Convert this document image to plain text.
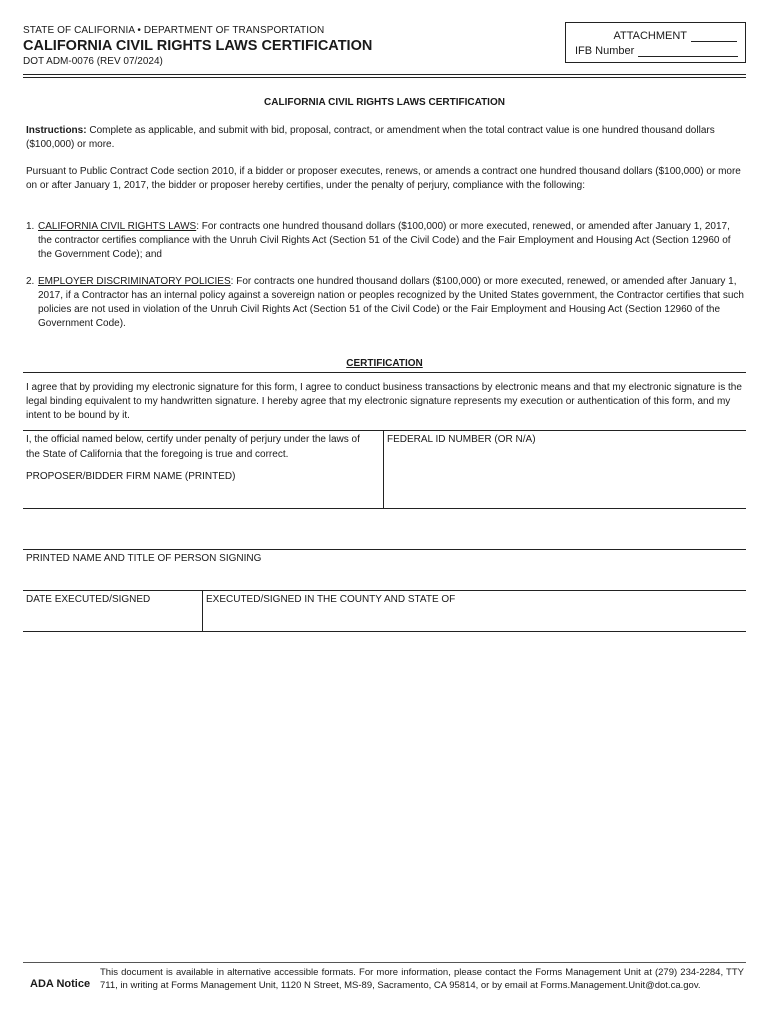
STATE OF CALIFORNIA • DEPARTMENT OF TRANSPORTATION
CALIFORNIA CIVIL RIGHTS LAWS CERTIFICATION
DOT ADM-0076 (REV 07/2024)
ATTACHMENT
IFB Number
CALIFORNIA CIVIL RIGHTS LAWS CERTIFICATION
Instructions: Complete as applicable, and submit with bid, proposal, contract, or amendment when the total contract value is one hundred thousand dollars ($100,000) or more.
Pursuant to Public Contract Code section 2010, if a bidder or proposer executes, renews, or amends a contract one hundred thousand dollars ($100,000) or more on or after January 1, 2017, the bidder or proposer hereby certifies, under the penalty of perjury, compliance with the following:
1. CALIFORNIA CIVIL RIGHTS LAWS: For contracts one hundred thousand dollars ($100,000) or more executed, renewed, or amended after January 1, 2017, the contractor certifies compliance with the Unruh Civil Rights Act (Section 51 of the Civil Code) and the Fair Employment and Housing Act (Section 12960 of the Government Code); and
2. EMPLOYER DISCRIMINATORY POLICIES: For contracts one hundred thousand dollars ($100,000) or more executed, renewed, or amended after January 1, 2017, if a Contractor has an internal policy against a sovereign nation or peoples recognized by the United States government, the Contractor certifies that such policies are not used in violation of the Unruh Civil Rights Act (Section 51 of the Civil Code) or the Fair Employment and Housing Act (Section 12960 of the Government Code).
CERTIFICATION
I agree that by providing my electronic signature for this form, I agree to conduct business transactions by electronic means and that my electronic signature is the legal binding equivalent to my handwritten signature. I hereby agree that my electronic signature represents my execution or authentication of this form, and my intent to be bound by it.
I, the official named below, certify under penalty of perjury under the laws of the State of California that the foregoing is true and correct.
FEDERAL ID NUMBER (OR N/A)
PROPOSER/BIDDER FIRM NAME (PRINTED)
PRINTED NAME AND TITLE OF PERSON SIGNING
DATE EXECUTED/SIGNED	EXECUTED/SIGNED IN THE COUNTY AND STATE OF
ADA Notice
This document is available in alternative accessible formats. For more information, please contact the Forms Management Unit at (279) 234-2284, TTY 711, in writing at Forms Management Unit, 1120 N Street, MS-89, Sacramento, CA 95814, or by email at Forms.Management.Unit@dot.ca.gov.
